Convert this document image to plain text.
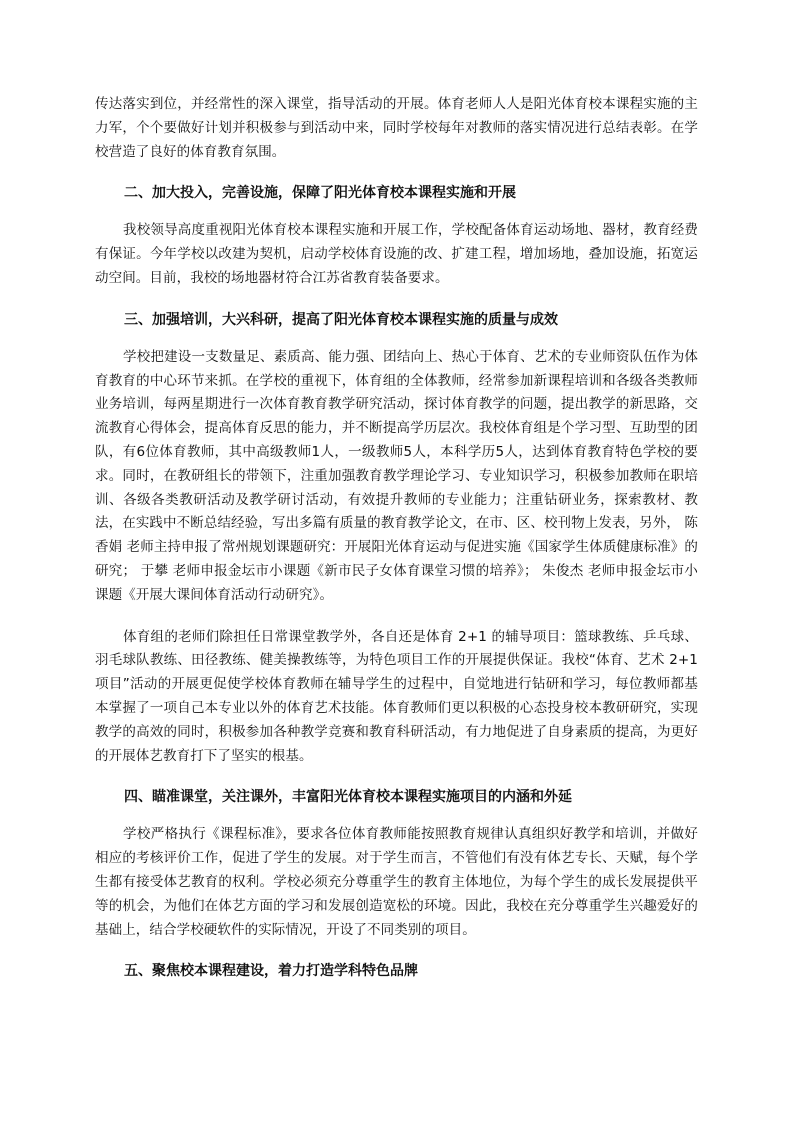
传达落实到位，并经常性的深入课堂，指导活动的开展。体育老师人人是阳光体育校本课程实施的主力军，个个要做好计划并积极参与到活动中来，同时学校每年对教师的落实情况进行总结表彰。在学校营造了良好的体育教育氛围。

二、加大投入，完善设施，保障了阳光体育校本课程实施和开展

我校领导高度重视阳光体育校本课程实施和开展工作，学校配备体育运动场地、器材，教育经费有保证。今年学校以改建为契机，启动学校体育设施的改、扩建工程，增加场地，叠加设施，拓宽运动空间。目前，我校的场地器材符合江苏省教育装备要求。

三、加强培训，大兴科研，提高了阳光体育校本课程实施的质量与成效

学校把建设一支数量足、素质高、能力强、团结向上、热心于体育、艺术的专业师资队伍作为体育教育的中心环节来抓。在学校的重视下，体育组的全体教师，经常参加新课程培训和各级各类教师业务培训，每两星期进行一次体育教育教学研究活动，探讨体育教学的问题，提出教学的新思路，交流教育心得体会，提高体育反思的能力，并不断提高学历层次。我校体育组是个学习型、互助型的团队，有6位体育教师，其中高级教师1人，一级教师5人，本科学历5人，达到体育教育特色学校的要求。同时，在教研组长的带领下，注重加强教育教学理论学习、专业知识学习，积极参加教师在职培训、各级各类教研活动及教学研讨活动，有效提升教师的专业能力；注重钻研业务，探索教材、教法，在实践中不断总结经验，写出多篇有质量的教育教学论文，在市、区、校刊物上发表，另外， 陈香娟 老师主持申报了常州规划课题研究：开展阳光体育运动与促进实施《国家学生体质健康标准》的研究； 于攀 老师申报金坛市小课题《新市民子女体育课堂习惯的培养》； 朱俊杰 老师申报金坛市小课题《开展大课间体育活动行动研究》。

体育组的老师们除担任日常课堂教学外，各自还是体育 2+1 的辅导项目：篮球教练、乒乓球、羽毛球队教练、田径教练、健美操教练等，为特色项目工作的开展提供保证。我校“体育、艺术 2+1项目”活动的开展更促使学校体育教师在辅导学生的过程中，自觉地进行钻研和学习，每位教师都基本掌握了一项自己本专业以外的体育艺术技能。体育教师们更以积极的心态投身校本教研研究，实现教学的高效的同时，积极参加各种教学竞赛和教育科研活动，有力地促进了自身素质的提高，为更好的开展体艺教育打下了坚实的根基。

四、瞄准课堂，关注课外，丰富阳光体育校本课程实施项目的内涵和外延

学校严格执行《课程标准》，要求各位体育教师能按照教育规律认真组织好教学和培训，并做好相应的考核评价工作，促进了学生的发展。对于学生而言，不管他们有没有体艺专长、天赋，每个学生都有接受体艺教育的权利。学校必须充分尊重学生的教育主体地位，为每个学生的成长发展提供平等的机会，为他们在体艺方面的学习和发展创造宽松的环境。因此，我校在充分尊重学生兴趣爱好的基础上，结合学校硬软件的实际情况，开设了不同类别的项目。

五、聚焦校本课程建设，着力打造学科特色品牌
